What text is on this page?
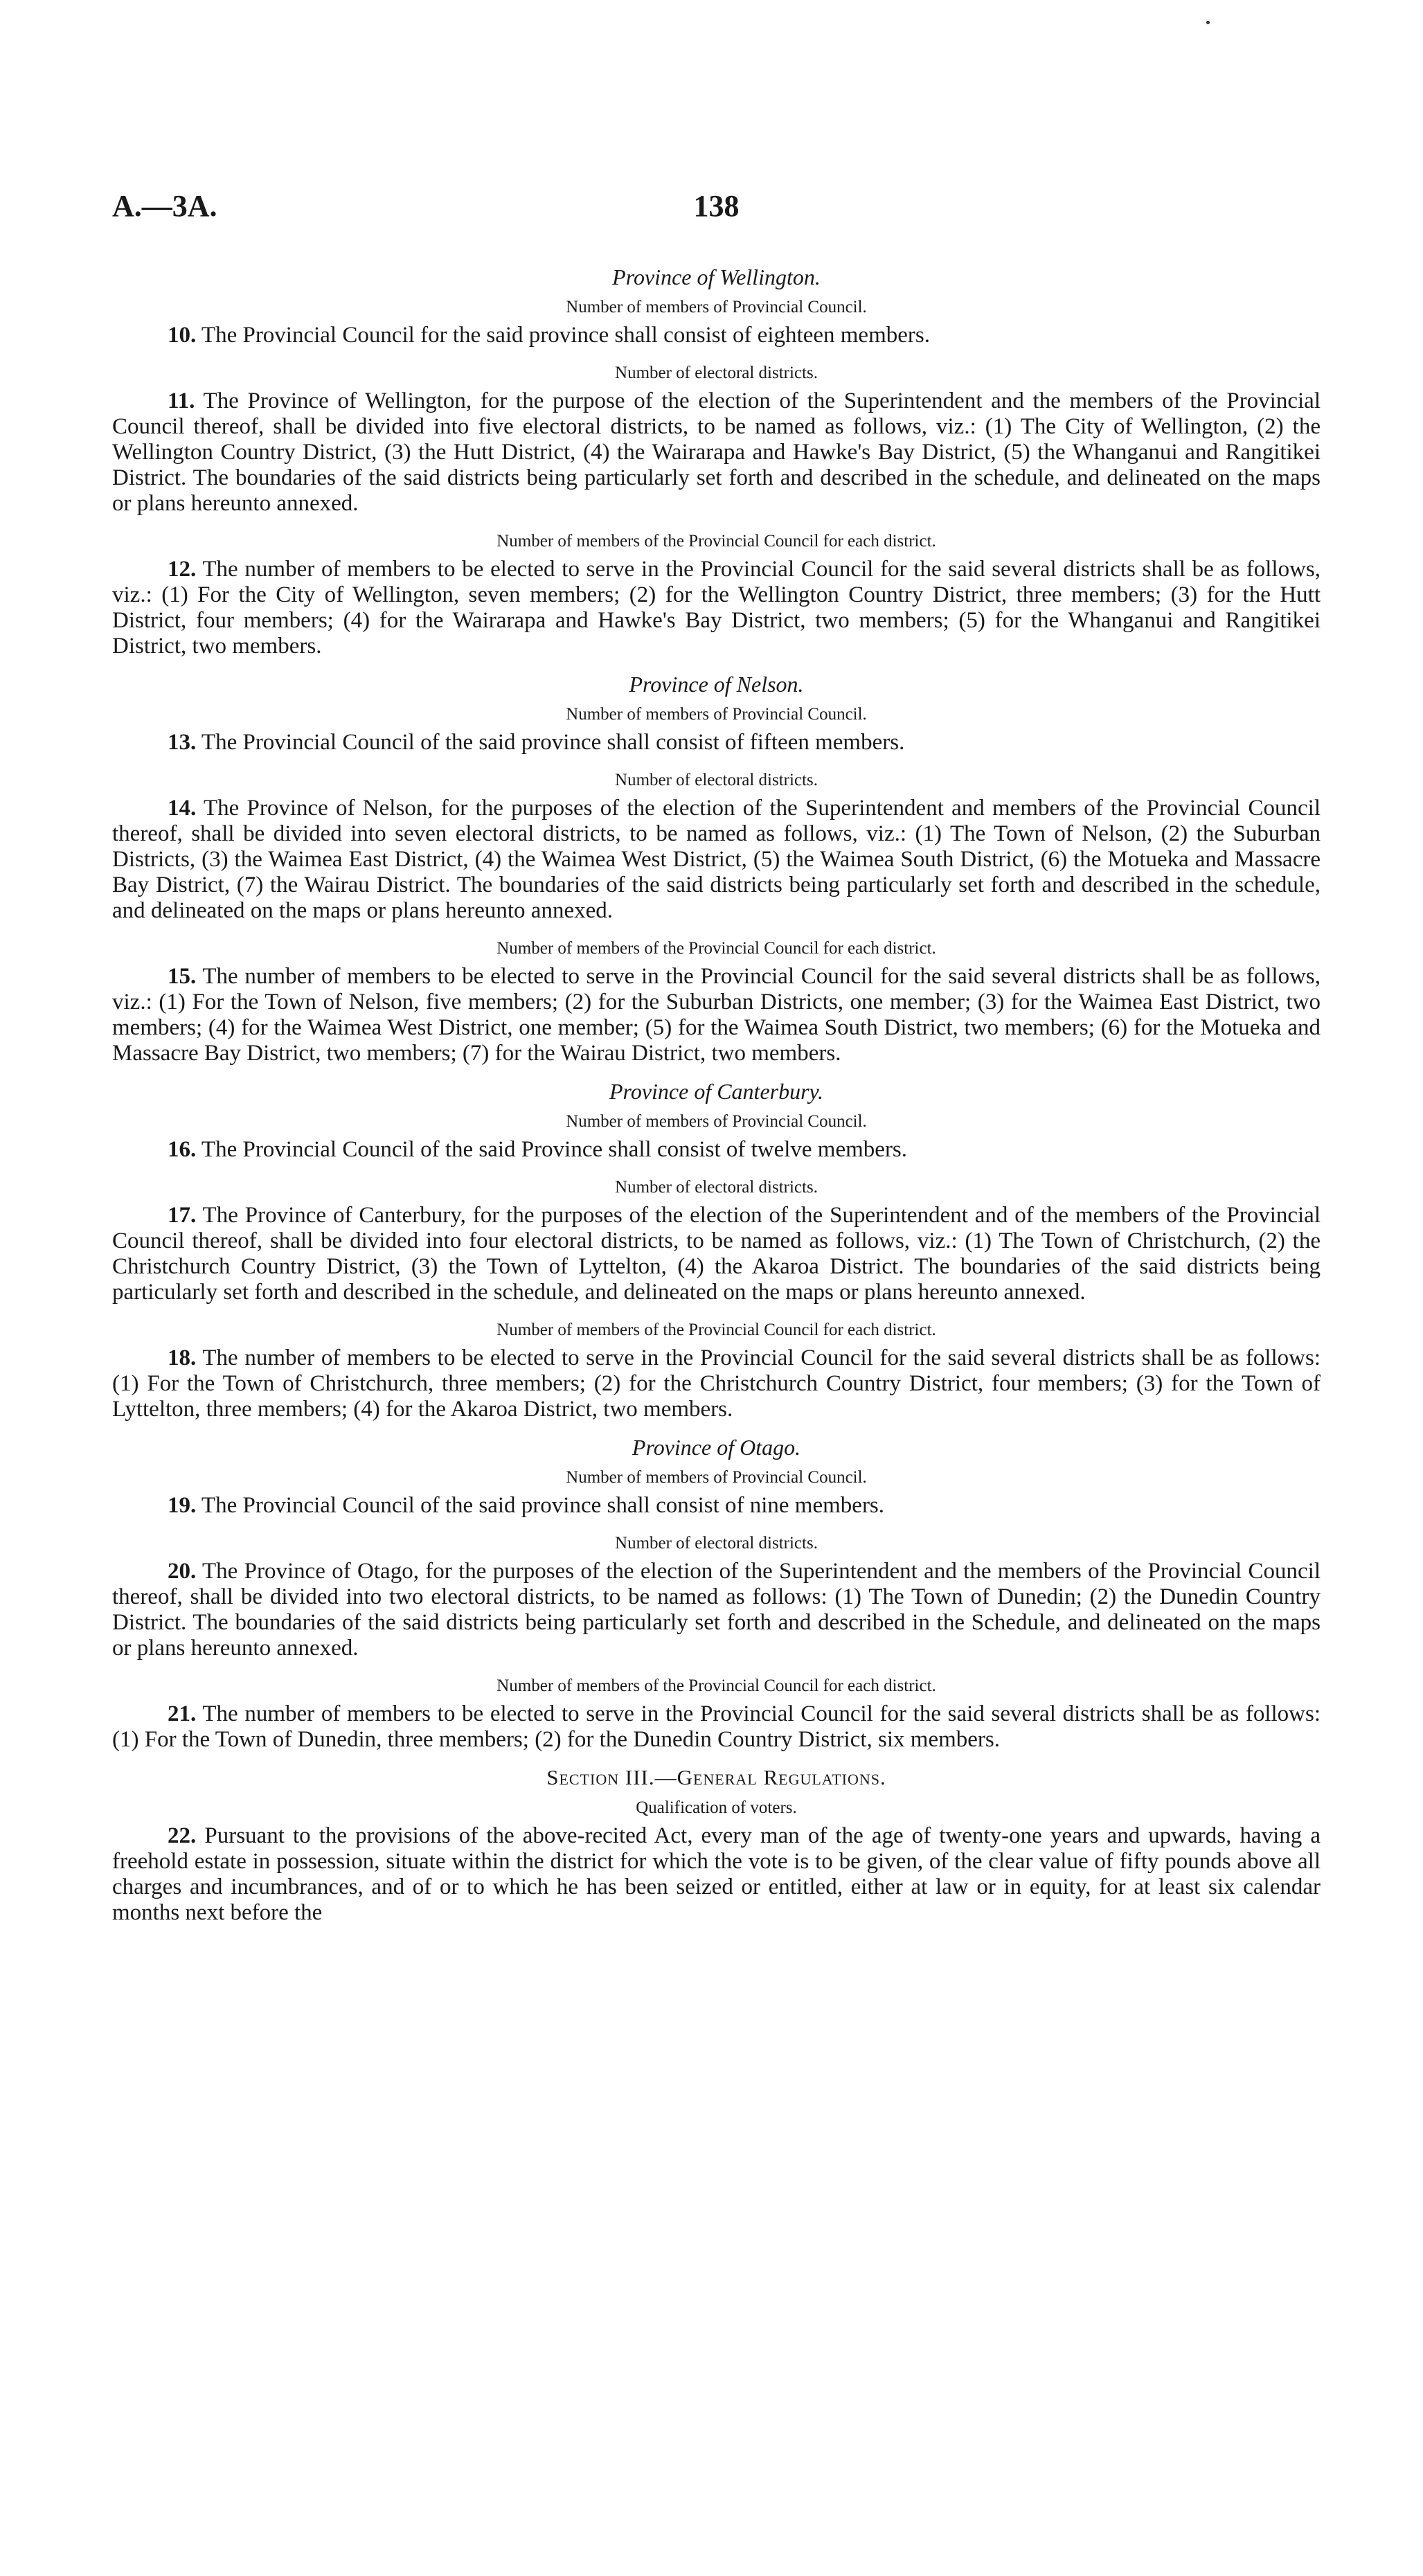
A.—3A.	138
Province of Wellington.
Number of members of Provincial Council.

10. The Provincial Council for the said province shall consist of eighteen members.

Number of electoral districts.

11. The Province of Wellington, for the purpose of the election of the Superintendent and the members of the Provincial Council thereof, shall be divided into five electoral districts, to be named as follows, viz.: (1) The City of Wellington, (2) the Wellington Country District, (3) the Hutt District, (4) the Wairarapa and Hawke's Bay District, (5) the Whanganui and Rangitikei District. The boundaries of the said districts being particularly set forth and described in the schedule, and delineated on the maps or plans hereunto annexed.

Number of members of the Provincial Council for each district.

12. The number of members to be elected to serve in the Provincial Council for the said several districts shall be as follows, viz.: (1) For the City of Wellington, seven members; (2) for the Wellington Country District, three members; (3) for the Hutt District, four members; (4) for the Wairarapa and Hawke's Bay District, two members; (5) for the Whanganui and Rangitikei District, two members.

Province of Nelson.
Number of members of Provincial Council.

13. The Provincial Council of the said province shall consist of fifteen members.

Number of electoral districts.

14. The Province of Nelson, for the purposes of the election of the Superintendent and members of the Provincial Council thereof, shall be divided into seven electoral districts, to be named as follows, viz.: (1) The Town of Nelson, (2) the Suburban Districts, (3) the Waimea East District, (4) the Waimea West District, (5) the Waimea South District, (6) the Motueka and Massacre Bay District, (7) the Wairau District. The boundaries of the said districts being particularly set forth and described in the schedule, and delineated on the maps or plans hereunto annexed.

Number of members of the Provincial Council for each district.

15. The number of members to be elected to serve in the Provincial Council for the said several districts shall be as follows, viz.: (1) For the Town of Nelson, five members; (2) for the Suburban Districts, one member; (3) for the Waimea East District, two members; (4) for the Waimea West District, one member; (5) for the Waimea South District, two members; (6) for the Motueka and Massacre Bay District, two members; (7) for the Wairau District, two members.

Province of Canterbury.
Number of members of Provincial Council.

16. The Provincial Council of the said Province shall consist of twelve members.

Number of electoral districts.

17. The Province of Canterbury, for the purposes of the election of the Superintendent and of the members of the Provincial Council thereof, shall be divided into four electoral districts, to be named as follows, viz.: (1) The Town of Christchurch, (2) the Christchurch Country District, (3) the Town of Lyttelton, (4) the Akaroa District. The boundaries of the said districts being particularly set forth and described in the schedule, and delineated on the maps or plans hereunto annexed.

Number of members of the Provincial Council for each district.

18. The number of members to be elected to serve in the Provincial Council for the said several districts shall be as follows: (1) For the Town of Christchurch, three members; (2) for the Christchurch Country District, four members; (3) for the Town of Lyttelton, three members; (4) for the Akaroa District, two members.

Province of Otago.
Number of members of Provincial Council.

19. The Provincial Council of the said province shall consist of nine members.

Number of electoral districts.

20. The Province of Otago, for the purposes of the election of the Superintendent and the members of the Provincial Council thereof, shall be divided into two electoral districts, to be named as follows: (1) The Town of Dunedin; (2) the Dunedin Country District. The boundaries of the said districts being particularly set forth and described in the Schedule, and delineated on the maps or plans hereunto annexed.

Number of members of the Provincial Council for each district.

21. The number of members to be elected to serve in the Provincial Council for the said several districts shall be as follows: (1) For the Town of Dunedin, three members; (2) for the Dunedin Country District, six members.

Section III.—General Regulations.
Qualification of voters.

22. Pursuant to the provisions of the above-recited Act, every man of the age of twenty-one years and upwards, having a freehold estate in possession, situate within the district for which the vote is to be given, of the clear value of fifty pounds above all charges and incumbrances, and of or to which he has been seized or entitled, either at law or in equity, for at least six calendar months next before the
